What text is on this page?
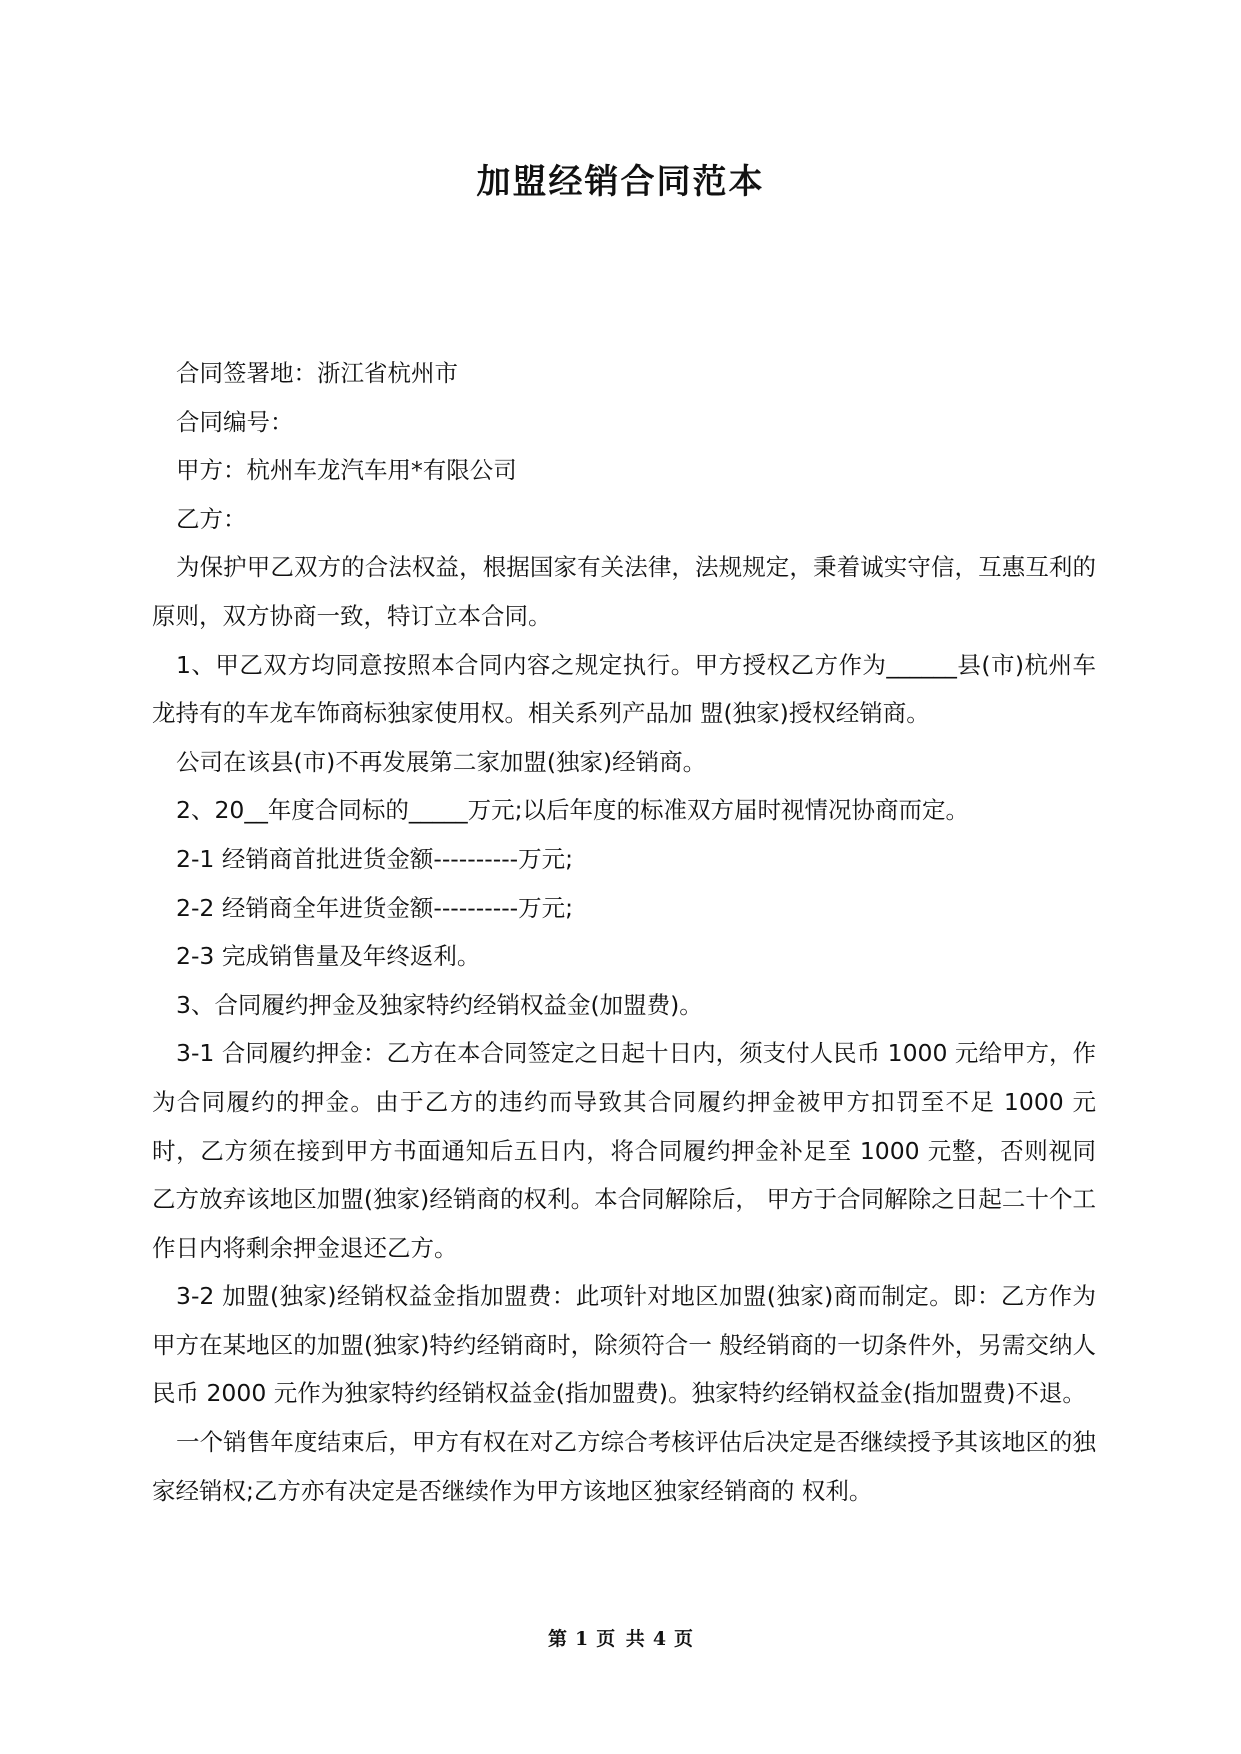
加盟经销合同范本

合同签署地：浙江省杭州市

合同编号：

甲方：杭州车龙汽车用*有限公司

乙方：

为保护甲乙双方的合法权益，根据国家有关法律，法规规定，秉着诚实守信，互惠互利的原则，双方协商一致，特订立本合同。

1、甲乙双方均同意按照本合同内容之规定执行。甲方授权乙方作为______县(市)杭州车龙持有的车龙车饰商标独家使用权。相关系列产品加 盟(独家)授权经销商。

公司在该县(市)不再发展第二家加盟(独家)经销商。

2、20__年度合同标的_____万元;以后年度的标准双方届时视情况协商而定。

2-1 经销商首批进货金额----------万元;

2-2 经销商全年进货金额----------万元;

2-3 完成销售量及年终返利。

3、合同履约押金及独家特约经销权益金(加盟费)。

3-1 合同履约押金：乙方在本合同签定之日起十日内，须支付人民币 1000 元给甲方，作为合同履约的押金。由于乙方的违约而导致其合同履约押金被甲方扣罚至不足 1000 元时，乙方须在接到甲方书面通知后五日内，将合同履约押金补足至 1000 元整，否则视同乙方放弃该地区加盟(独家)经销商的权利。本合同解除后， 甲方于合同解除之日起二十个工作日内将剩余押金退还乙方。

3-2 加盟(独家)经销权益金指加盟费：此项针对地区加盟(独家)商而制定。即：乙方作为甲方在某地区的加盟(独家)特约经销商时，除须符合一 般经销商的一切条件外，另需交纳人民币 2000 元作为独家特约经销权益金(指加盟费)。独家特约经销权益金(指加盟费)不退。

一个销售年度结束后，甲方有权在对乙方综合考核评估后决定是否继续授予其该地区的独家经销权;乙方亦有决定是否继续作为甲方该地区独家经销商的 权利。

第 1 页 共 4 页
